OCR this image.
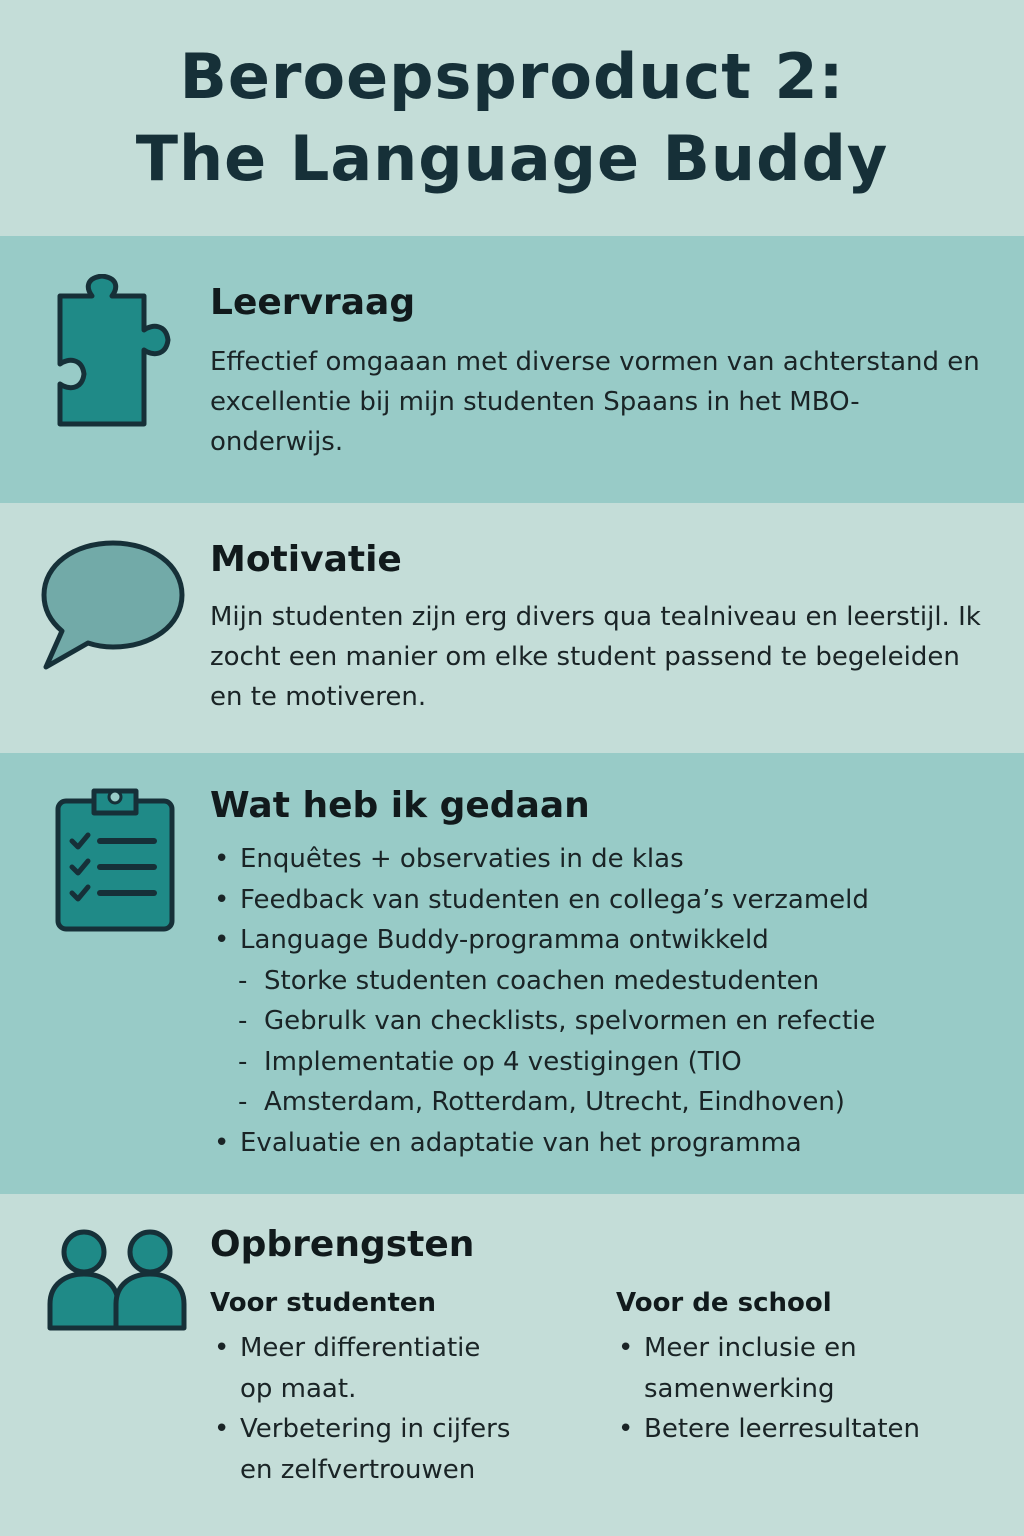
Beroepsproduct 2:
The Language Buddy
Leervraag
Effectief omgaaan met diverse vormen van achterstand en excellentie bij mijn studenten Spaans in het MBO-onderwijs.
Motivatie
Mijn studenten zijn erg divers qua tealniveau en leerstijl. Ik zocht een manier om elke student passend te begeleiden en te motiveren.
Wat heb ik gedaan
• Enquêtes + observaties in de klas
• Feedback van studenten en collega’s verzameld
• Language Buddy-programma ontwikkeld
- Storke studenten coachen medestudenten
- Gebrulk van checklists, spelvormen en refectie
- Implementatie op 4 vestigingen (TIO
- Amsterdam, Rotterdam, Utrecht, Eindhoven)
• Evaluatie en adaptatie van het programma
Opbrengsten
Voor studenten
• Meer differentiatie
op maat.
• Verbetering in cijfers
en zelfvertrouwen
Voor de school
• Meer inclusie en
samenwerking
• Betere leerresultaten
